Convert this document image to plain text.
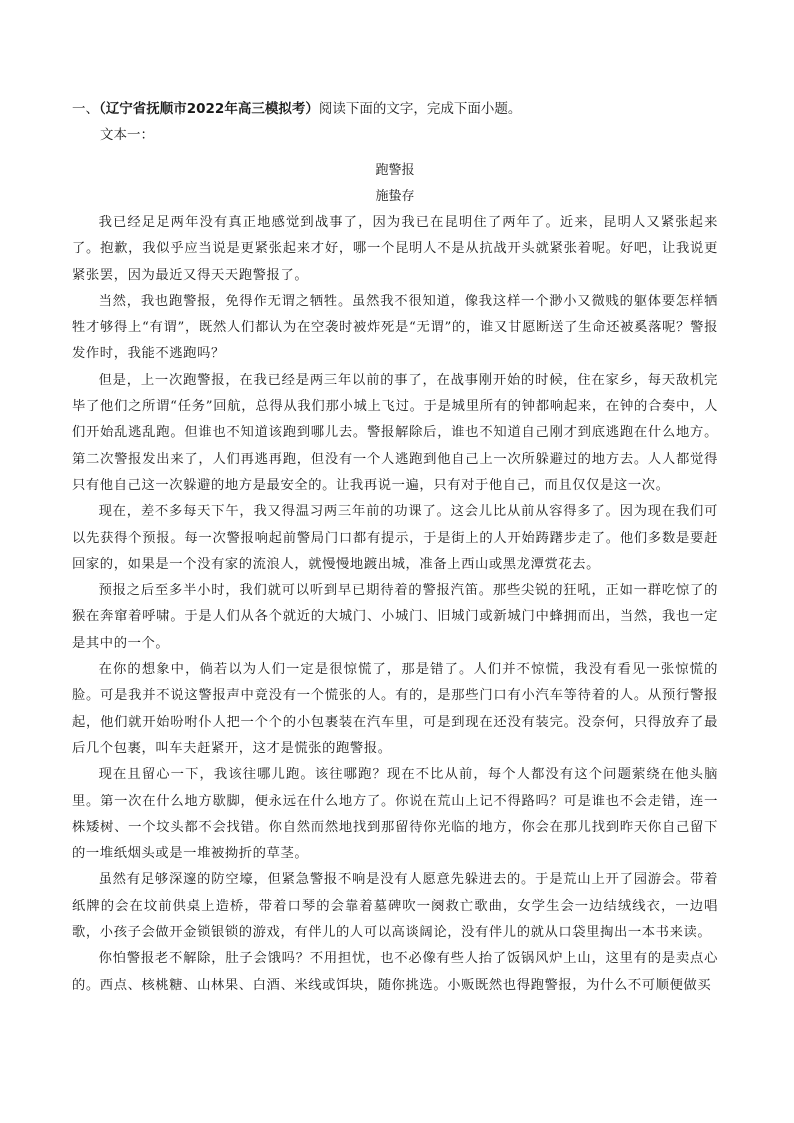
一、（辽宁省抚顺市2022年高三模拟考）阅读下面的文字，完成下面小题。
文本一：
跑警报
施蛰存

我已经足足两年没有真正地感觉到战事了，因为我已在昆明住了两年了。近来，昆明人又紧张起来了。抱歉，我似乎应当说是更紧张起来才好，哪一个昆明人不是从抗战开头就紧张着呢。好吧，让我说更紧张罢，因为最近又得天天跑警报了。

当然，我也跑警报，免得作无谓之牺牲。虽然我不很知道，像我这样一个渺小又微贱的躯体要怎样牺牲才够得上“有谓”，既然人们都认为在空袭时被炸死是“无谓”的，谁又甘愿断送了生命还被奚落呢？警报发作时，我能不逃跑吗？

但是，上一次跑警报，在我已经是两三年以前的事了，在战事刚开始的时候，住在家乡，每天敌机完毕了他们之所谓“任务”回航，总得从我们那小城上飞过。于是城里所有的钟都响起来，在钟的合奏中，人们开始乱逃乱跑。但谁也不知道该跑到哪儿去。警报解除后，谁也不知道自己刚才到底逃跑在什么地方。第二次警报发出来了，人们再逃再跑，但没有一个人逃跑到他自己上一次所躲避过的地方去。人人都觉得只有他自己这一次躲避的地方是最安全的。让我再说一遍，只有对于他自己，而且仅仅是这一次。

现在，差不多每天下午，我又得温习两三年前的功课了。这会儿比从前从容得多了。因为现在我们可以先获得个预报。每一次警报响起前警局门口都有提示，于是街上的人开始踌躇步走了。他们多数是要赶回家的，如果是一个没有家的流浪人，就慢慢地踱出城，准备上西山或黑龙潭赏花去。

预报之后至多半小时，我们就可以听到早已期待着的警报汽笛。那些尖锐的狂吼，正如一群吃惊了的猴在奔窜着呼啸。于是人们从各个就近的大城门、小城门、旧城门或新城门中蜂拥而出，当然，我也一定是其中的一个。

在你的想象中，倘若以为人们一定是很惊慌了，那是错了。人们并不惊慌，我没有看见一张惊慌的脸。可是我并不说这警报声中竟没有一个慌张的人。有的，是那些门口有小汽车等待着的人。从预行警报起，他们就开始吩咐仆人把一个个的小包裹装在汽车里，可是到现在还没有装完。没奈何，只得放弃了最后几个包裹，叫车夫赶紧开，这才是慌张的跑警报。

现在且留心一下，我该往哪儿跑。该往哪跑？现在不比从前，每个人都没有这个问题萦绕在他头脑里。第一次在什么地方歇脚，便永远在什么地方了。你说在荒山上记不得路吗？可是谁也不会走错，连一株矮树、一个坟头都不会找错。你自然而然地找到那留待你光临的地方，你会在那儿找到昨天你自己留下的一堆纸烟头或是一堆被拗折的草茎。

虽然有足够深邃的防空壕，但紧急警报不响是没有人愿意先躲进去的。于是荒山上开了园游会。带着纸牌的会在坟前供桌上造桥，带着口琴的会靠着墓碑吹一阕救亡歌曲，女学生会一边结绒线衣，一边唱歌，小孩子会做开金锁银锁的游戏，有伴儿的人可以高谈阔论，没有伴儿的就从口袋里掏出一本书来读。

你怕警报老不解除，肚子会饿吗？不用担忧，也不必像有些人抬了饭锅风炉上山，这里有的是卖点心的。西点、核桃糖、山林果、白酒、米线或饵块，随你挑选。小贩既然也得跑警报，为什么不可顺便做买
